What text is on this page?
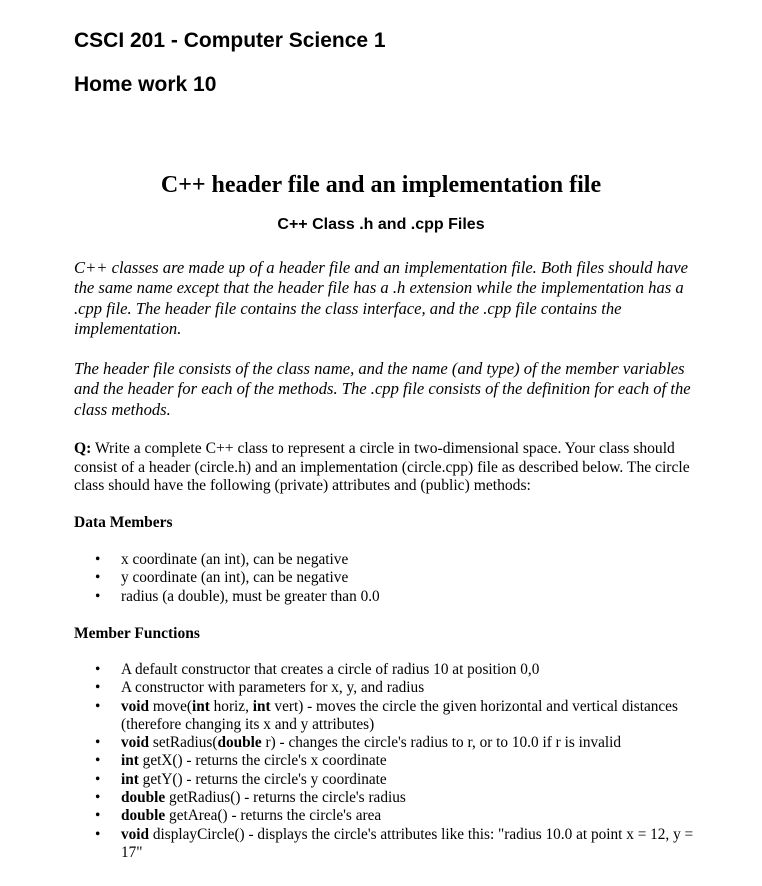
CSCI 201 - Computer Science 1
Home work 10
C++ header file and an implementation file
C++ Class .h and .cpp Files

C++ classes are made up of a header file and an implementation file. Both files should have the same name except that the header file has a .h extension while the implementation has a .cpp file. The header file contains the class interface, and the .cpp file contains the implementation.

The header file consists of the class name, and the name (and type) of the member variables and the header for each of the methods. The .cpp file consists of the definition for each of the class methods.

Q: Write a complete C++ class to represent a circle in two-dimensional space. Your class should consist of a header (circle.h) and an implementation (circle.cpp) file as described below. The circle class should have the following (private) attributes and (public) methods:

Data Members
• x coordinate (an int), can be negative
• y coordinate (an int), can be negative
• radius (a double), must be greater than 0.0
Member Functions
• A default constructor that creates a circle of radius 10 at position 0,0
• A constructor with parameters for x, y, and radius
• void move(int horiz, int vert) - moves the circle the given horizontal and vertical distances (therefore changing its x and y attributes)
• void setRadius(double r) - changes the circle's radius to r, or to 10.0 if r is invalid
• int getX() - returns the circle's x coordinate
• int getY() - returns the circle's y coordinate
• double getRadius() - returns the circle's radius
• double getArea() - returns the circle's area
• void displayCircle() - displays the circle's attributes like this: "radius 10.0 at point x = 12, y = 17"
